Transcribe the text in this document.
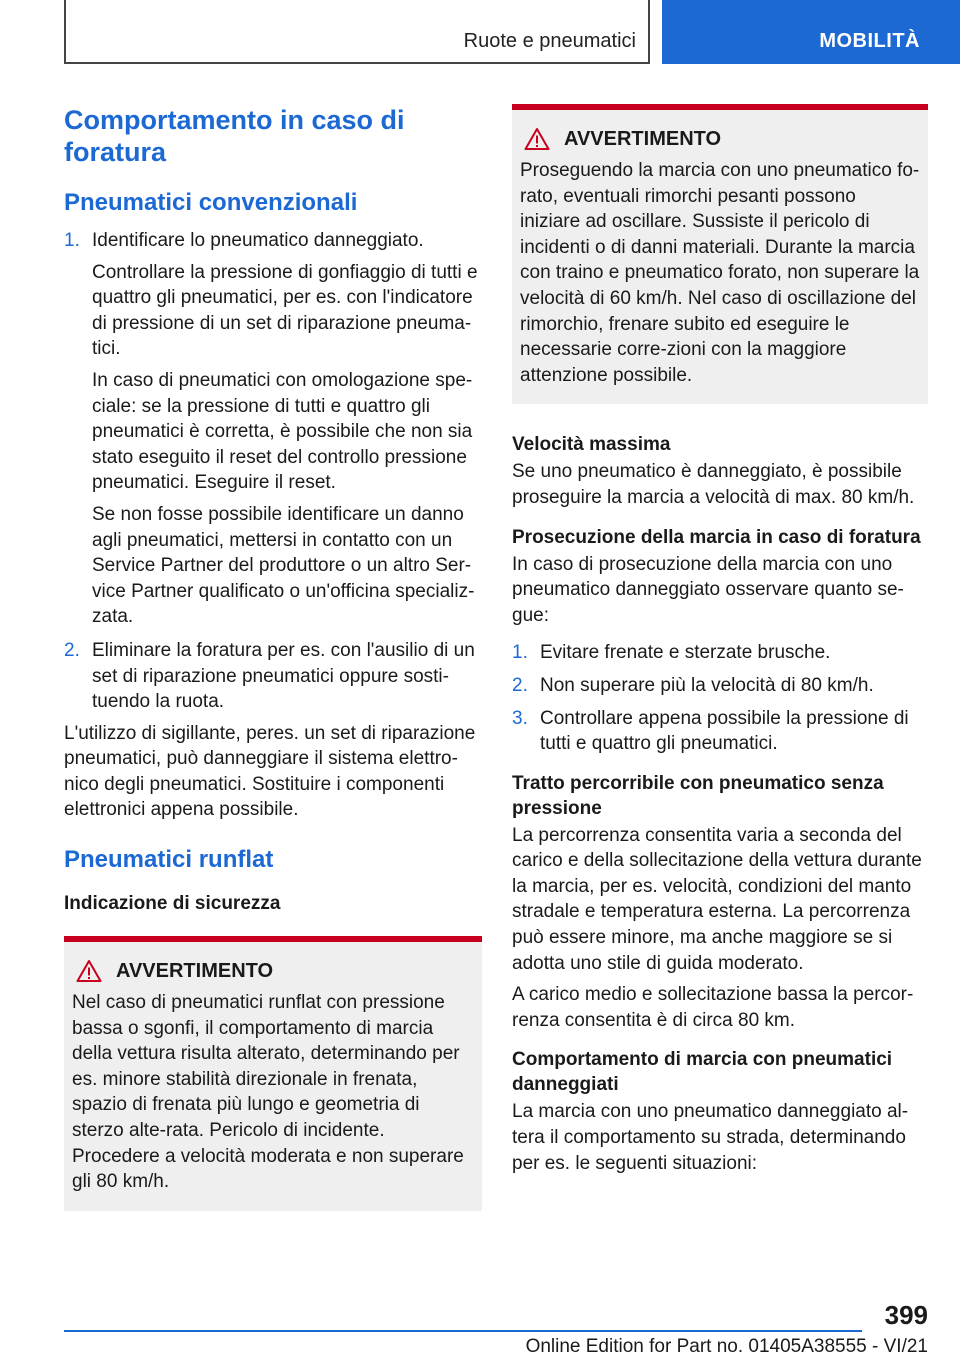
Ruote e pneumatici	MOBILITÀ
Comportamento in caso di foratura
Pneumatici convenzionali
1. Identificare lo pneumatico danneggiato.
Controllare la pressione di gonfiaggio di tutti e quattro gli pneumatici, per es. con l'indicatore di pressione di un set di riparazione pneuma‐tici.
In caso di pneumatici con omologazione spe‐ciale: se la pressione di tutti e quattro gli pneumatici è corretta, è possibile che non sia stato eseguito il reset del controllo pressione pneumatici. Eseguire il reset.
Se non fosse possibile identificare un danno agli pneumatici, mettersi in contatto con un Service Partner del produttore o un altro Ser‐vice Partner qualificato o un'officina specializ‐zata.
2. Eliminare la foratura per es. con l'ausilio di un set di riparazione pneumatici oppure sosti‐tuendo la ruota.
L'utilizzo di sigillante, peres. un set di riparazione pneumatici, può danneggiare il sistema elettro‐nico degli pneumatici. Sostituire i componenti elettronici appena possibile.
Pneumatici runflat
Indicazione di sicurezza
AVVERTIMENTO
Nel caso di pneumatici runflat con pressione bassa o sgonfi, il comportamento di marcia della vettura risulta alterato, determinando per es. minore stabilità direzionale in frenata, spazio di frenata più lungo e geometria di sterzo alte‐rata. Pericolo di incidente. Procedere a velocità moderata e non superare gli 80 km/h.
AVVERTIMENTO
Proseguendo la marcia con uno pneumatico fo‐rato, eventuali rimorchi pesanti possono iniziare ad oscillare. Sussiste il pericolo di incidenti o di danni materiali. Durante la marcia con traino e pneumatico forato, non superare la velocità di 60 km/h. Nel caso di oscillazione del rimorchio, frenare subito ed eseguire le necessarie corre‐zioni con la maggiore attenzione possibile.
Velocità massima
Se uno pneumatico è danneggiato, è possibile proseguire la marcia a velocità di max. 80 km/h.
Prosecuzione della marcia in caso di foratura
In caso di prosecuzione della marcia con uno pneumatico danneggiato osservare quanto se‐gue:
1. Evitare frenate e sterzate brusche.
2. Non superare più la velocità di 80 km/h.
3. Controllare appena possibile la pressione di tutti e quattro gli pneumatici.
Tratto percorribile con pneumatico senza pressione
La percorrenza consentita varia a seconda del carico e della sollecitazione della vettura durante la marcia, per es. velocità, condizioni del manto stradale e temperatura esterna. La percorrenza può essere minore, ma anche maggiore se si adotta uno stile di guida moderato.
A carico medio e sollecitazione bassa la percor‐renza consentita è di circa 80 km.
Comportamento di marcia con pneumatici danneggiati
La marcia con uno pneumatico danneggiato al‐tera il comportamento su strada, determinando per es. le seguenti situazioni:
399
Online Edition for Part no. 01405A38555 - VI/21
